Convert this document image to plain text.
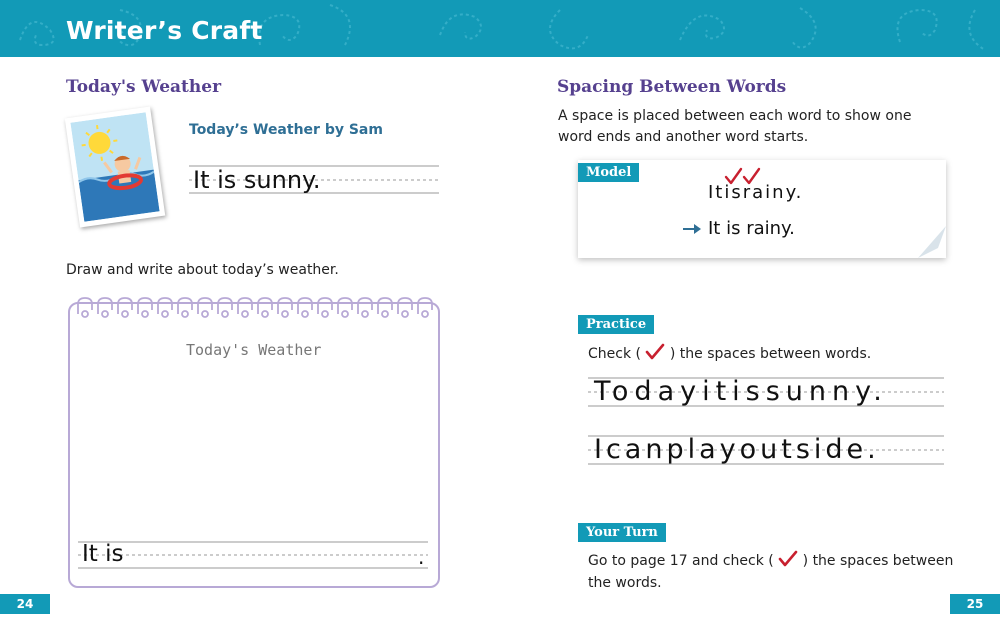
Writer’s Craft
Today's Weather
Today’s Weather by Sam
It is sunny.
Draw and write about today’s weather.
Today's Weather
It is	.
24
Spacing Between Words
A space is placed between each word to show one
word ends and another word starts.
Model
Itisrainy.
It is rainy.
Practice
Check ( ) the spaces between words.
Todayitissunny.
Icanplayoutside.
Your Turn
Go to page 17 and check ( ) the spaces between
the words.
25
